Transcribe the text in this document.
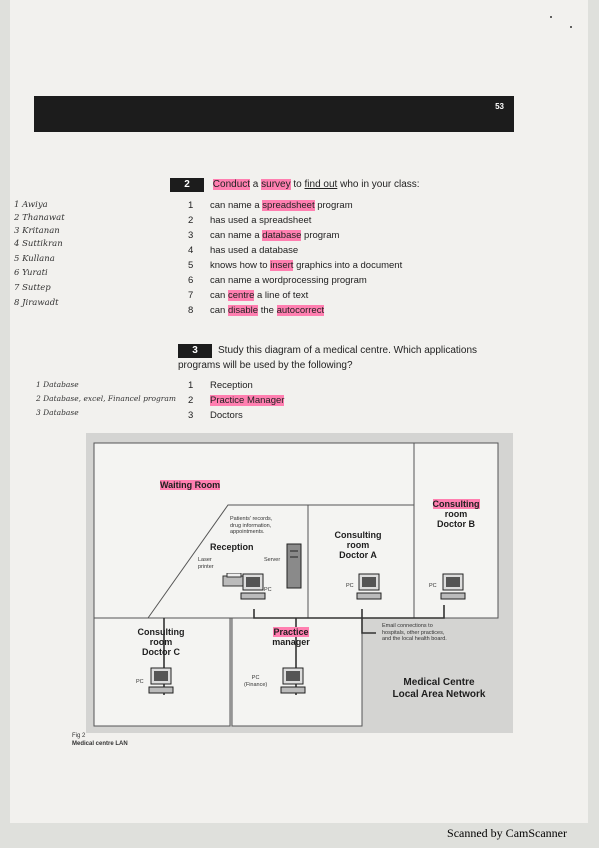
53
2 Conduct a survey to find out who in your class:
1 can name a spreadsheet program
2 has used a spreadsheet
3 can name a database program
4 has used a database
5 knows how to insert graphics into a document
6 can name a wordprocessing program
7 can centre a line of text
8 can disable the autocorrect
1 Awiya
2 Thanawat
3 Kritanan
4 Suttikran
5 Kullana
6 Yurati
7 Suttep
8 Jirawadt
3 Study this diagram of a medical centre. Which applications
programs will be used by the following?
1 Reception
2 Practice Manager
3 Doctors
1 Database
2 Database, excel, Financel program
3 Database
Waiting Room
Consulting
room
Doctor B
Consulting
room
Doctor A
Consulting
room
Doctor C
Practice
manager
Patients' records,
drug information,
appointments.
Reception
Laser
printer
Server
PC
PC	PC
PC
PC
(Finance)
Email connections to
hospitals, other practices,
and the local health board.
Medical Centre
Local Area Network
Fig 2
Medical centre LAN
Scanned by CamScanner
